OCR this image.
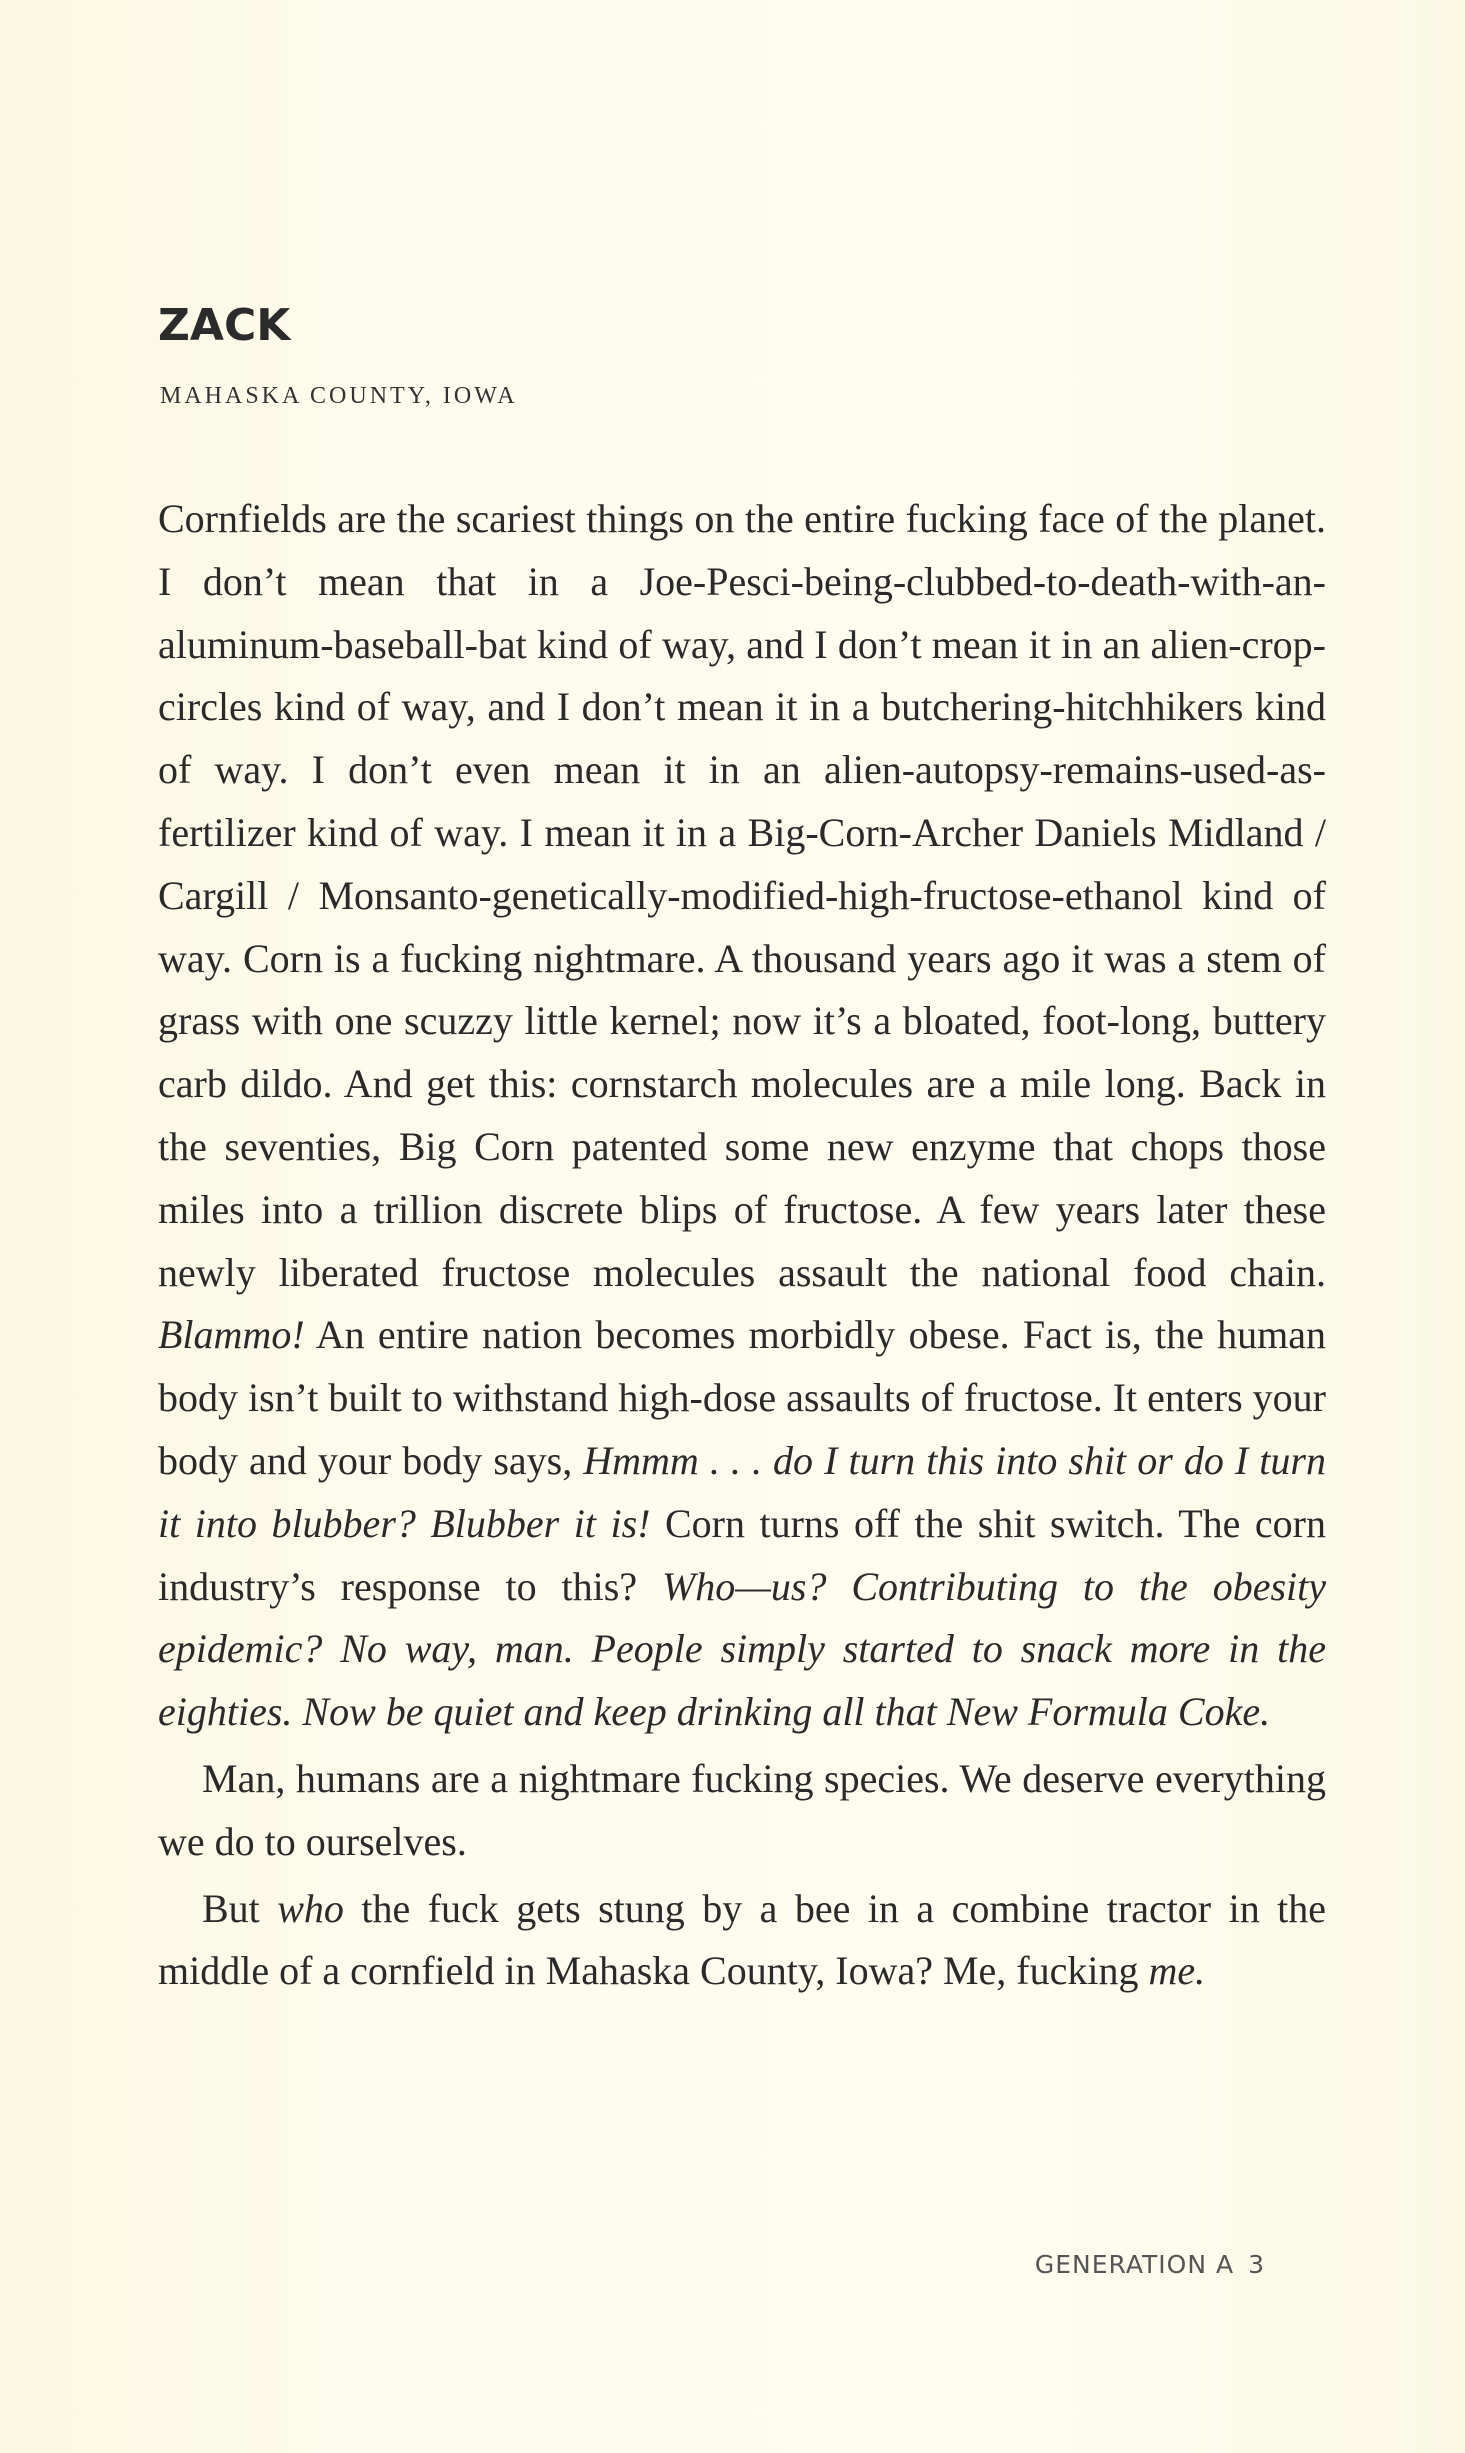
ZACK
MAHASKA COUNTY, IOWA

Cornfields are the scariest things on the entire fucking face of the planet. I don’t mean that in a Joe-Pesci-being-clubbed-to-death-with-an-aluminum-baseball-bat kind of way, and I don’t mean it in an alien-crop-circles kind of way, and I don’t mean it in a butchering-hitchhikers kind of way. I don’t even mean it in an alien-autopsy-remains-used-as-fertilizer kind of way. I mean it in a Big-Corn-Archer Daniels Midland / Cargill / Monsanto-genetically-modified-high-fructose-ethanol kind of way. Corn is a fucking nightmare. A thousand years ago it was a stem of grass with one scuzzy little kernel; now it’s a bloated, foot-long, buttery carb dildo. And get this: cornstarch molecules are a mile long. Back in the seventies, Big Corn patented some new enzyme that chops those miles into a trillion discrete blips of fructose. A few years later these newly liberated fructose molecules assault the national food chain. Blammo! An entire nation becomes morbidly obese. Fact is, the human body isn’t built to withstand high-dose assaults of fructose. It enters your body and your body says, Hmmm . . . do I turn this into shit or do I turn it into blubber? Blubber it is! Corn turns off the shit switch. The corn industry’s response to this? Who—us? Contributing to the obesity epidemic? No way, man. People simply started to snack more in the eighties. Now be quiet and keep drinking all that New Formula Coke.

Man, humans are a nightmare fucking species. We deserve everything we do to ourselves.

But who the fuck gets stung by a bee in a combine tractor in the middle of a cornfield in Mahaska County, Iowa? Me, fucking me.

GENERATION A 3
